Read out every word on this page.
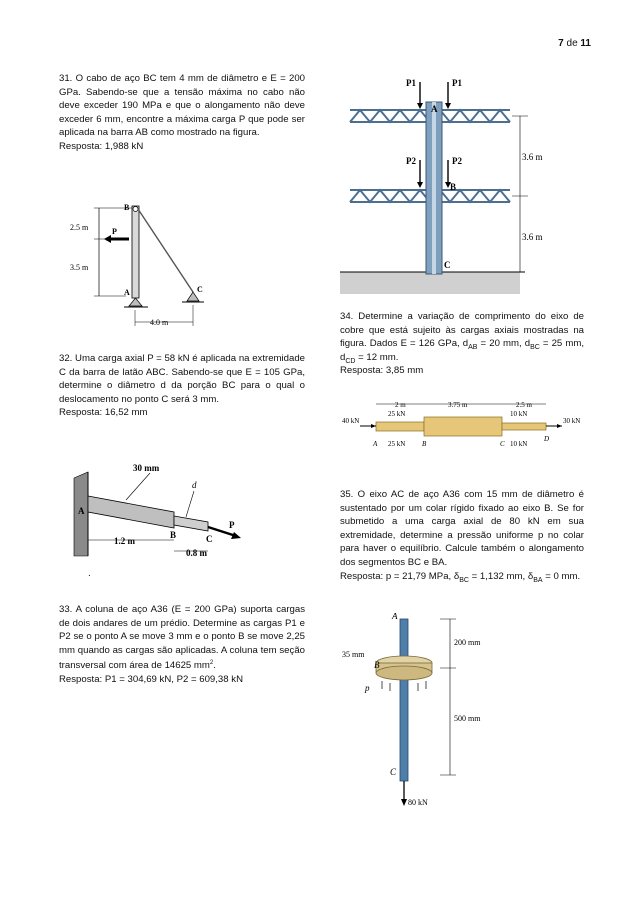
7 de 11

31. O cabo de aço BC tem 4 mm de diâmetro e E = 200 GPa. Sabendo-se que a tensão máxima no cabo não deve exceder 190 MPa e que o alongamento não deve exceder 6 mm, encontre a máxima carga P que pode ser aplicada na barra AB como mostrado na figura.

Resposta: 1,988 kN

2.5 m
3.5 m
P
B
A	C
4.0 m

32. Uma carga axial P = 58 kN é aplicada na extremidade C da barra de latão ABC. Sabendo-se que E = 105 GPa, determine o diâmetro d da porção BC para o qual o deslocamento no ponto C será 3 mm.

Resposta: 16,52 mm

P
30 mm
d
A
B	C
1.2 m
0.8 m
.

33. A coluna de aço A36 (E = 200 GPa) suporta cargas de dois andares de um prédio. Determine as cargas P1 e P2 se o ponto A se move 3 mm e o ponto B se move 2,25 mm quando as cargas são aplicadas. A coluna tem seção transversal com área de 14625 $mm^2$.

Resposta: P1 = 304,69 kN, P2 = 609,38 kN

P1	P1
P2	P2
A
B
C
3.6 m
3.6 m

34. Determine a variação de comprimento do eixo de cobre que está sujeito às cargas axiais mostradas na figura. Dados E = 126 GPa, $d_{AB} = 20$ mm, $d_{BC} = 25$ mm, $d_{CD} = 12$ mm.

Resposta: 3,85 mm

2 m	3.75 m	2.5 m
40 kN	30 kN
25 kN
25 kN
10 kN
10 kN
A	B	C
D

35. O eixo AC de aço A36 com 15 mm de diâmetro é sustentado por um colar rígido fixado ao eixo B. Se for submetido a uma carga axial de 80 kN em sua extremidade, determine a pressão uniforme p no colar para haver o equilíbrio. Calcule também o alongamento dos segmentos BC e BA.

Resposta: p = 21,79 MPa, $\delta_{BC} = 1,132$ mm, $\delta_{BA} = 0$ mm.

p
A
B
C
35 mm
200 mm
500 mm
80 kN
